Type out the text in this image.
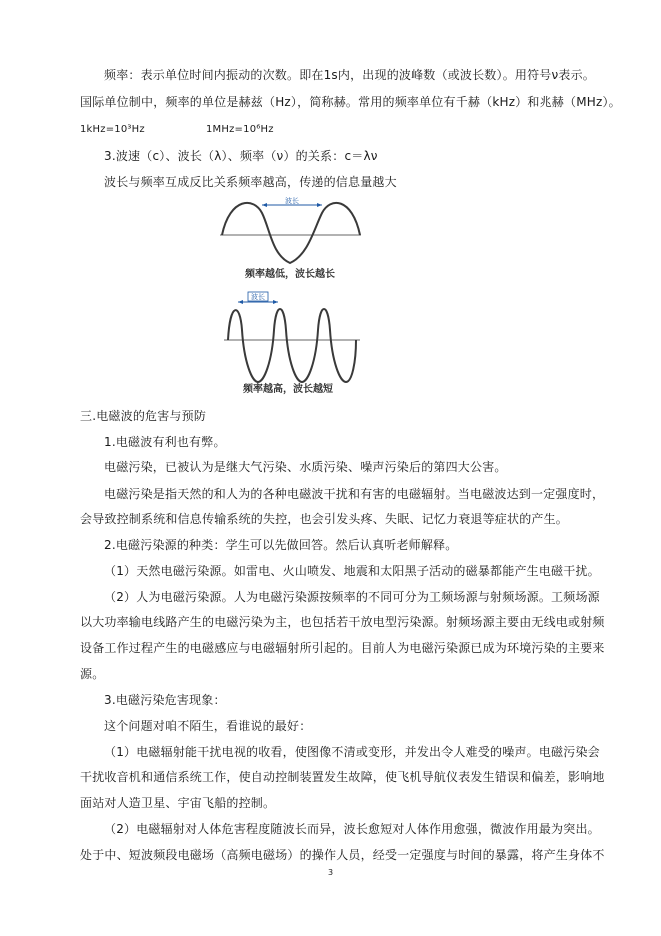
频率：表示单位时间内振动的次数。即在1s内，出现的波峰数（或波长数）。用符号ν表示。
国际单位制中，频率的单位是赫兹（Hz），简称赫。常用的频率单位有千赫（kHz）和兆赫（MHz）。
1kHz=10³Hz	1MHz=10⁶Hz
3.波速（c）、波长（λ）、频率（ν）的关系：c＝λν
波长与频率互成反比关系频率越高，传递的信息量越大
波长
频率越低，波长越长
波长
频率越高，波长越短
三.电磁波的危害与预防
1.电磁波有利也有弊。
电磁污染，已被认为是继大气污染、水质污染、噪声污染后的第四大公害。
电磁污染是指天然的和人为的各种电磁波干扰和有害的电磁辐射。当电磁波达到一定强度时，
会导致控制系统和信息传输系统的失控，也会引发头疼、失眠、记忆力衰退等症状的产生。
2.电磁污染源的种类：学生可以先做回答。然后认真听老师解释。
（1）天然电磁污染源。如雷电、火山喷发、地震和太阳黑子活动的磁暴都能产生电磁干扰。
（2）人为电磁污染源。人为电磁污染源按频率的不同可分为工频场源与射频场源。工频场源
以大功率输电线路产生的电磁污染为主，也包括若干放电型污染源。射频场源主要由无线电或射频
设备工作过程产生的电磁感应与电磁辐射所引起的。目前人为电磁污染源已成为环境污染的主要来
源。
3.电磁污染危害现象：
这个问题对咱不陌生，看谁说的最好：
（1）电磁辐射能干扰电视的收看，使图像不清或变形，并发出令人难受的噪声。电磁污染会
干扰收音机和通信系统工作，使自动控制装置发生故障，使飞机导航仪表发生错误和偏差，影响地
面站对人造卫星、宇宙飞船的控制。
（2）电磁辐射对人体危害程度随波长而异，波长愈短对人体作用愈强，微波作用最为突出。
处于中、短波频段电磁场（高频电磁场）的操作人员，经受一定强度与时间的暴露，将产生身体不
3
